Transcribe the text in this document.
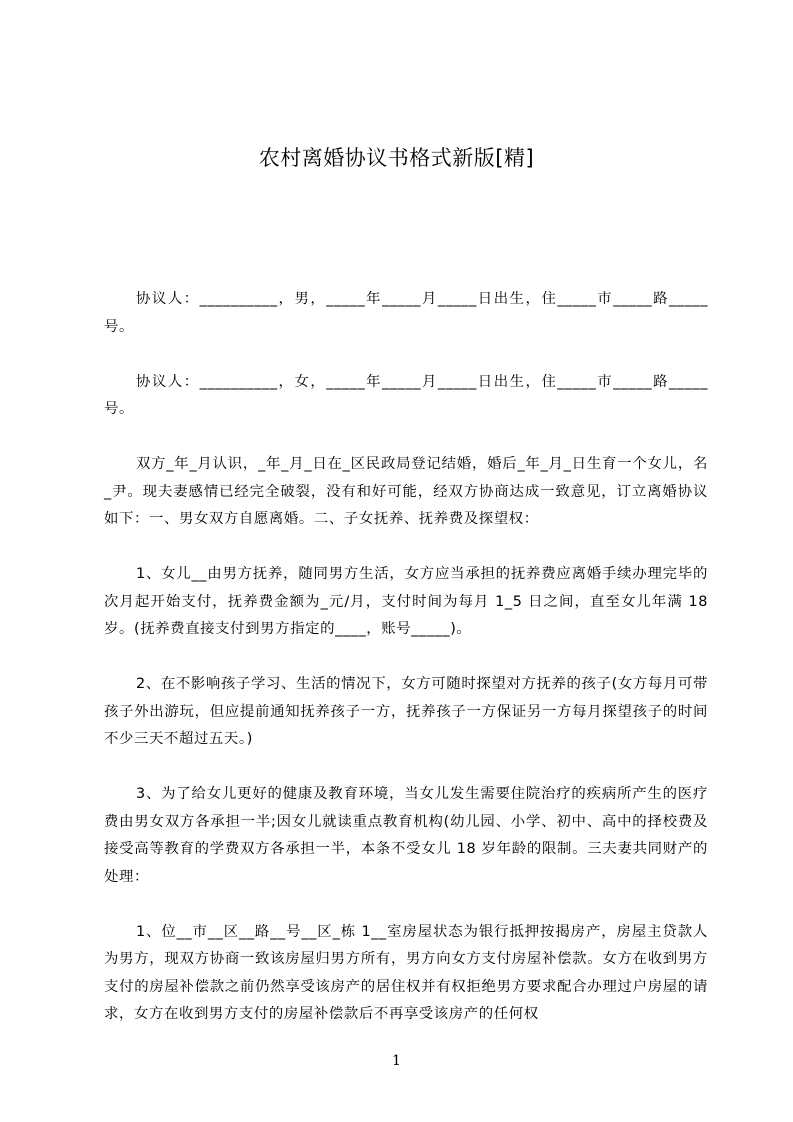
农村离婚协议书格式新版[精]

协议人：__________，男，_____年_____月_____日出生，住_____市_____路_____号。

协议人：__________，女，_____年_____月_____日出生，住_____市_____路_____号。

双方_年_月认识，_年_月_日在_区民政局登记结婚，婚后_年_月_日生育一个女儿，名_尹。现夫妻感情已经完全破裂，没有和好可能，经双方协商达成一致意见，订立离婚协议如下：一、男女双方自愿离婚。二、子女抚养、抚养费及探望权：

1、女儿__由男方抚养，随同男方生活，女方应当承担的抚养费应离婚手续办理完毕的次月起开始支付，抚养费金额为_元/月，支付时间为每月 1_5 日之间，直至女儿年满 18 岁。(抚养费直接支付到男方指定的____，账号_____)。

2、在不影响孩子学习、生活的情况下，女方可随时探望对方抚养的孩子(女方每月可带孩子外出游玩，但应提前通知抚养孩子一方，抚养孩子一方保证另一方每月探望孩子的时间不少三天不超过五天。)

3、为了给女儿更好的健康及教育环境，当女儿发生需要住院治疗的疾病所产生的医疗费由男女双方各承担一半;因女儿就读重点教育机构(幼儿园、小学、初中、高中的择校费及接受高等教育的学费双方各承担一半，本条不受女儿 18 岁年龄的限制。三夫妻共同财产的处理：

1、位__市__区__路__号__区_栋 1__室房屋状态为银行抵押按揭房产，房屋主贷款人为男方，现双方协商一致该房屋归男方所有，男方向女方支付房屋补偿款。女方在收到男方支付的房屋补偿款之前仍然享受该房产的居住权并有权拒绝男方要求配合办理过户房屋的请求，女方在收到男方支付的房屋补偿款后不再享受该房产的任何权

1
